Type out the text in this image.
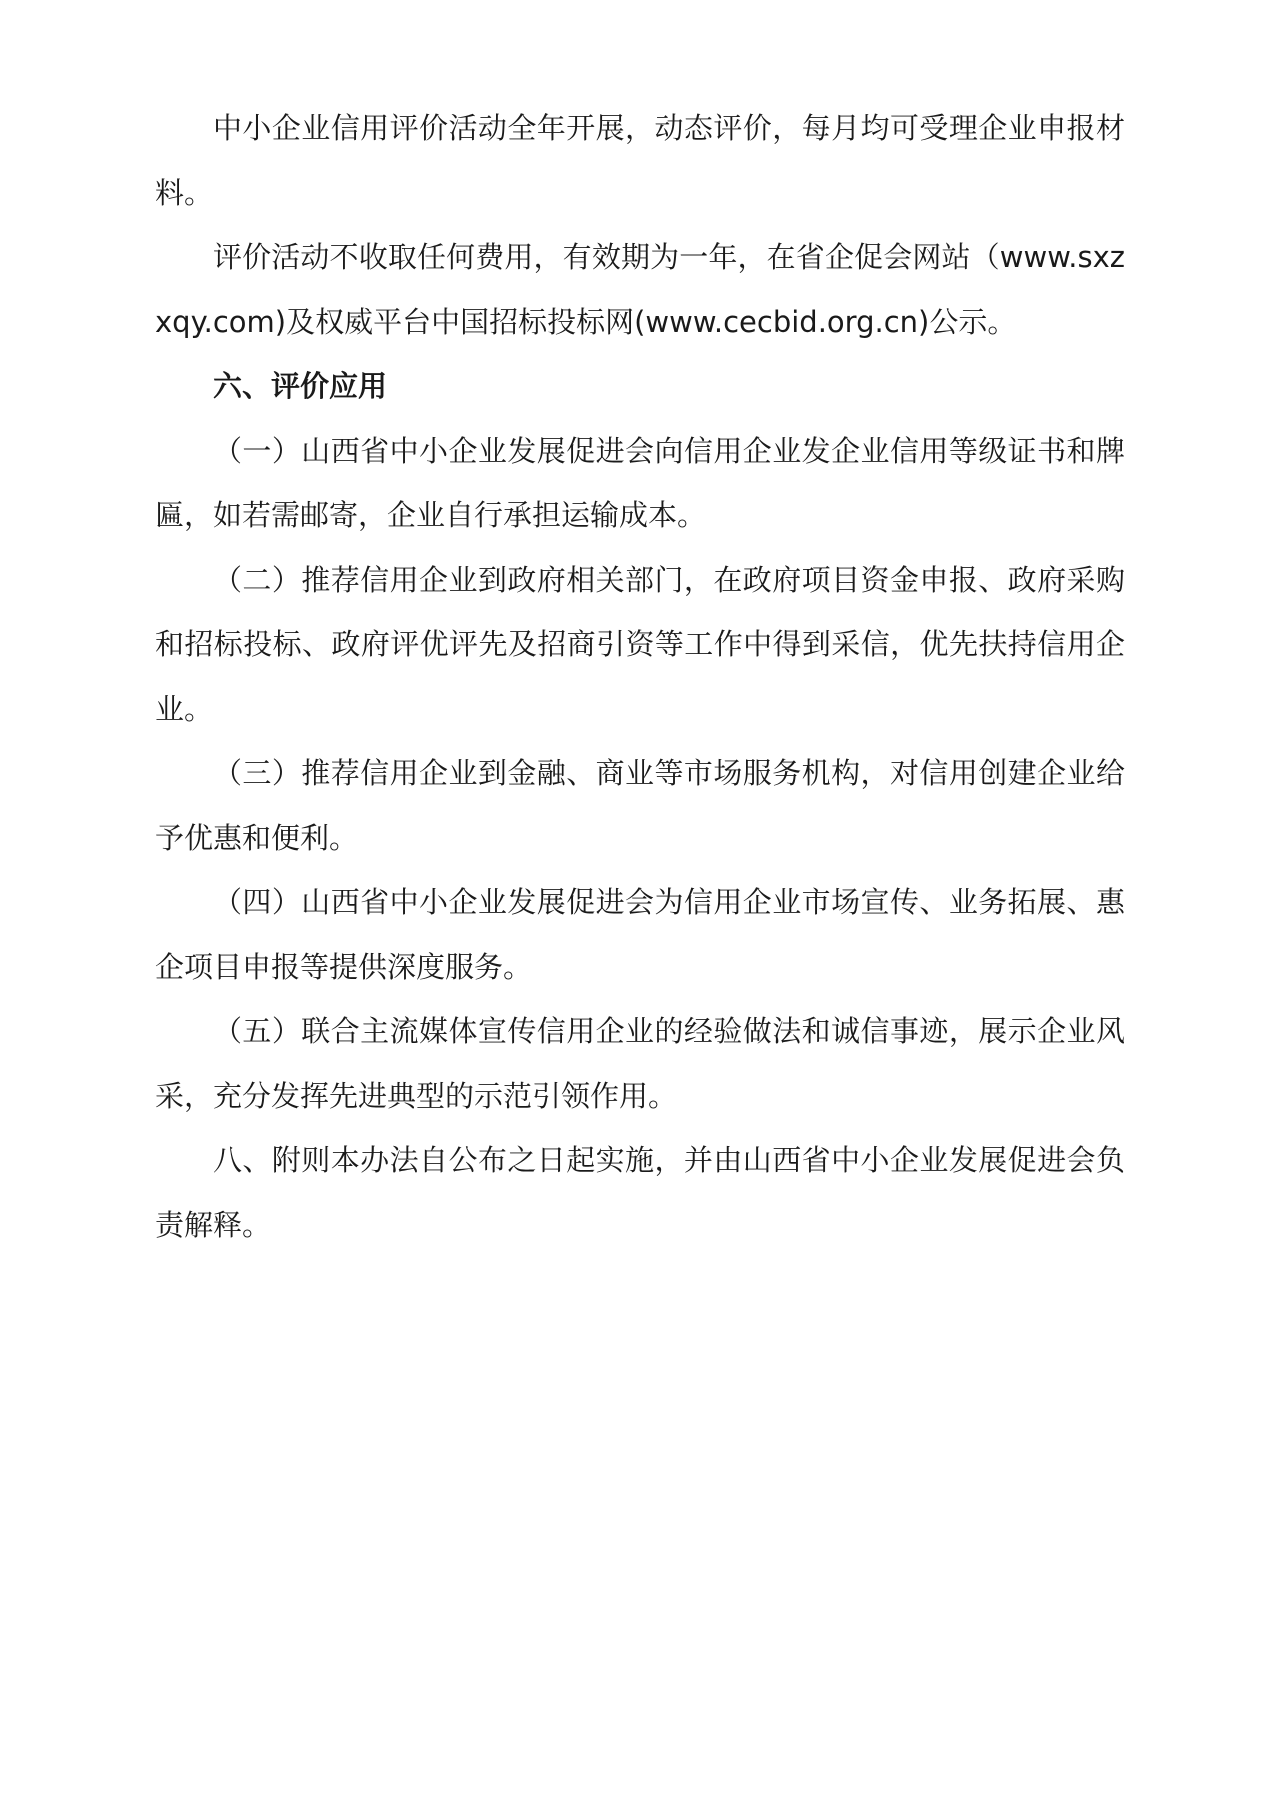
中小企业信用评价活动全年开展，动态评价，每月均可受理企业申报材料。

评价活动不收取任何费用，有效期为一年，在省企促会网站（www.sxzxqy.com)及权威平台中国招标投标网(www.cecbid.org.cn)公示。

六、评价应用

（一）山西省中小企业发展促进会向信用企业发企业信用等级证书和牌匾，如若需邮寄，企业自行承担运输成本。

（二）推荐信用企业到政府相关部门，在政府项目资金申报、政府采购和招标投标、政府评优评先及招商引资等工作中得到采信，优先扶持信用企业。

（三）推荐信用企业到金融、商业等市场服务机构，对信用创建企业给予优惠和便利。

（四）山西省中小企业发展促进会为信用企业市场宣传、业务拓展、惠企项目申报等提供深度服务。

（五）联合主流媒体宣传信用企业的经验做法和诚信事迹，展示企业风采，充分发挥先进典型的示范引领作用。

八、附则本办法自公布之日起实施，并由山西省中小企业发展促进会负责解释。
